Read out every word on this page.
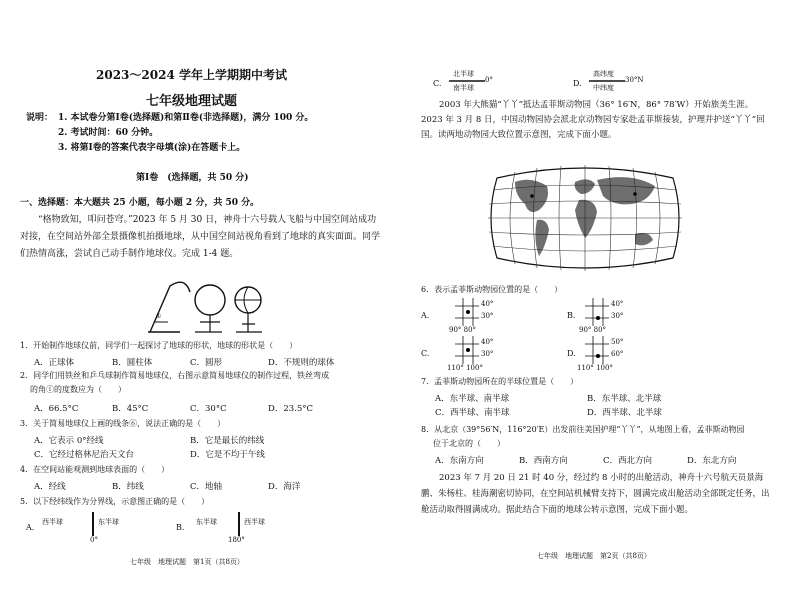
2023～2024 学年上学期期中考试
七年级地理试题
说明： 1. 本试卷分第Ⅰ卷(选择题)和第Ⅱ卷(非选择题)，满分 100 分。
2. 考试时间：60 分钟。
3. 将第Ⅰ卷的答案代表字母填(涂)在答题卡上。
第Ⅰ卷　(选择题，共 50 分)
一、选择题：本大题共 25 小题，每小题 2 分，共 50 分。
“格物致知，叩问苍穹。”2023 年 5 月 30 日，神舟十六号载人飞船与中国空间站成功对接，在空间站外部全景摄像机拍摄地球，从中国空间站视角看到了地球的真实面面。同学们热情高涨，尝试自己动手制作地球仪。完成 1-4 题。
①
1．开始制作地球仪前，同学们一起探讨了地球的形状，地球的形状是（　　）
A．正球体	B．圆柱体	C．圆形	D．不规则的球体
2．同学们用铁丝和乒乓球制作简易地球仪，右图示意简易地球仪的制作过程，铁丝弯成
的角①的度数应为（　　）
A．66.5°C	B．45°C	C．30°C	D．23.5°C
3．关于简易地球仪上画的线条⑥，说法正确的是（　　）
A．它表示 0°经线	B．它是最长的纬线
C．它经过格林尼治天文台	D．它是不均于午线
4．在空间站能观测到地球表面的（　　）
A．经线	B．纬线	C．地轴	D．海洋
5．以下经纬线作为分界线，示意图正确的是（　　）
A.
西半球	东半球
0°
B.
东半球	西半球
180°
七年级　地理试题　第1页（共8页）
C.
北半球
0°
南半球	D.
高纬度
30°N
中纬度
2003 年大熊猫“丫丫”抵达孟菲斯动物园（36° 16′N，86° 78′W）开始旅美生涯。2023 年 3 月 8 日，中国动物园协会派北京动物园专家赴孟菲斯接装，护理并护送“丫丫”回国。读两地动物园大致位置示意图，完成下面小题。
6．表示孟菲斯动物园位置的是（　　）
A.
40°
30°
90° 80°
B.
40°
30°
90° 80°
C.
40°
30°
110° 100°
D.
50°
60°
110° 100°
7．孟菲斯动物园所在的半球位置是（　　）
A．东半球、南半球	B．东半球、北半球
C．西半球、南半球	D．西半球、北半球
8．从北京（39°56′N，116°20′E）出发前往美国护理“丫丫”，从地图上看，孟菲斯动物园
位于北京的（　　）
A．东南方向	B．西南方向	C．西北方向	D．东北方向
2023 年 7 月 20 日 21 时 40 分，经过约 8 小时的出舱活动，神舟十六号航天员景海鹏、朱杨柱、桂海潮密切协同，在空间站机械臂支持下，圆满完成出舱活动全部既定任务，出舱活动取得圆满成功。据此结合下面的地球公转示意图，完成下面小题。
七年级　地理试题　第2页（共8页）
